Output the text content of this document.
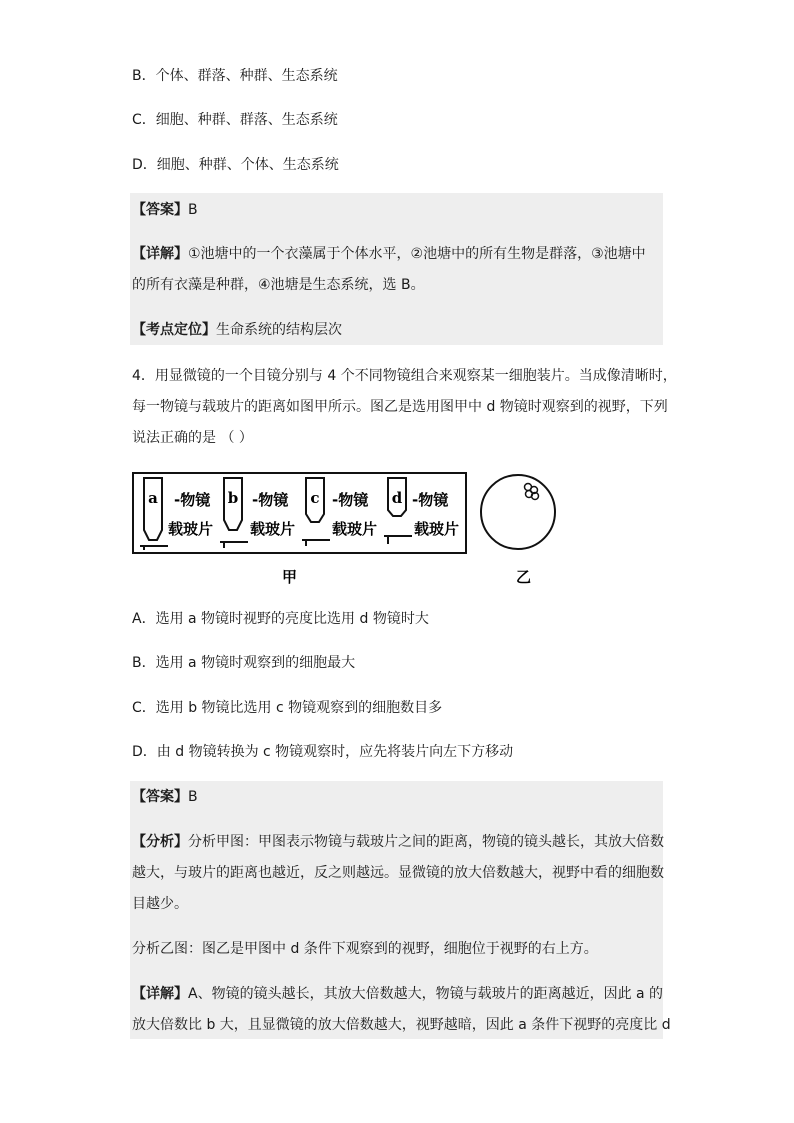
B．个体、群落、种群、生态系统
C．细胞、种群、群落、生态系统
D．细胞、种群、个体、生态系统
【答案】B
【详解】①池塘中的一个衣藻属于个体水平，②池塘中的所有生物是群落，③池塘中
的所有衣藻是种群，④池塘是生态系统，选 B。
【考点定位】生命系统的结构层次
4．用显微镜的一个目镜分别与 4 个不同物镜组合来观察某一细胞装片。当成像清晰时，
每一物镜与载玻片的距离如图甲所示。图乙是选用图甲中 d 物镜时观察到的视野，下列
说法正确的是 （ ）
a -物镜
载玻片
b -物镜
载玻片
c -物镜
载玻片
d -物镜
载玻片
甲	乙
A．选用 a 物镜时视野的亮度比选用 d 物镜时大
B．选用 a 物镜时观察到的细胞最大
C．选用 b 物镜比选用 c 物镜观察到的细胞数目多
D．由 d 物镜转换为 c 物镜观察时，应先将装片向左下方移动
【答案】B
【分析】分析甲图：甲图表示物镜与载玻片之间的距离，物镜的镜头越长，其放大倍数
越大，与玻片的距离也越近，反之则越远。显微镜的放大倍数越大，视野中看的细胞数
目越少。
分析乙图：图乙是甲图中 d 条件下观察到的视野，细胞位于视野的右上方。
【详解】A、物镜的镜头越长，其放大倍数越大，物镜与载玻片的距离越近，因此 a 的
放大倍数比 b 大，且显微镜的放大倍数越大，视野越暗，因此 a 条件下视野的亮度比 d
